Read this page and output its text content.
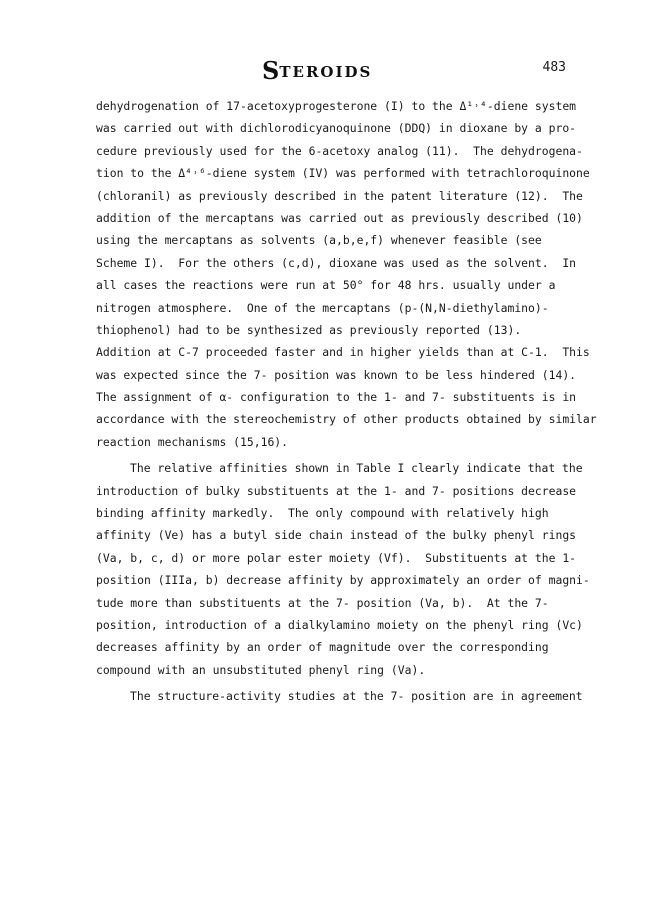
STEROIDS	483
dehydrogenation of 17-acetoxyprogesterone (I) to the Δ¹˒⁴-diene system
was carried out with dichlorodicyanoquinone (DDQ) in dioxane by a pro-
cedure previously used for the 6-acetoxy analog (11).  The dehydrogena-
tion to the Δ⁴˒⁶-diene system (IV) was performed with tetrachloroquinone
(chloranil) as previously described in the patent literature (12).  The
addition of the mercaptans was carried out as previously described (10)
using the mercaptans as solvents (a,b,e,f) whenever feasible (see
Scheme I).  For the others (c,d), dioxane was used as the solvent.  In
all cases the reactions were run at 50° for 48 hrs. usually under a
nitrogen atmosphere.  One of the mercaptans (p-(N,N-diethylamino)-
thiophenol) had to be synthesized as previously reported (13).
Addition at C-7 proceeded faster and in higher yields than at C-1.  This
was expected since the 7- position was known to be less hindered (14).
The assignment of α- configuration to the 1- and 7- substituents is in
accordance with the stereochemistry of other products obtained by similar
reaction mechanisms (15,16).
The relative affinities shown in Table I clearly indicate that the
introduction of bulky substituents at the 1- and 7- positions decrease
binding affinity markedly.  The only compound with relatively high
affinity (Ve) has a butyl side chain instead of the bulky phenyl rings
(Va, b, c, d) or more polar ester moiety (Vf).  Substituents at the 1-
position (IIIa, b) decrease affinity by approximately an order of magni-
tude more than substituents at the 7- position (Va, b).  At the 7-
position, introduction of a dialkylamino moiety on the phenyl ring (Vc)
decreases affinity by an order of magnitude over the corresponding
compound with an unsubstituted phenyl ring (Va).
The structure-activity studies at the 7- position are in agreement
